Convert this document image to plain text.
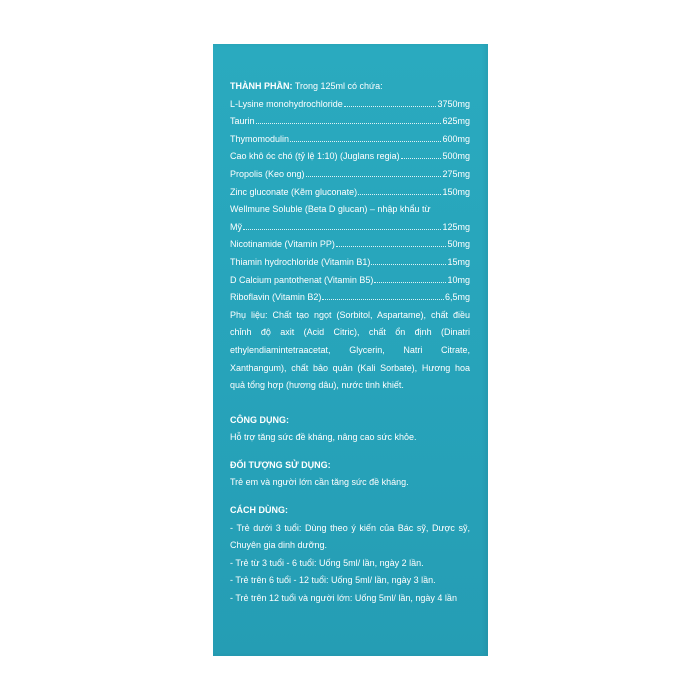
THÀNH PHẦN: Trong 125ml có chứa:
L-Lysine monohydrochloride	3750mg
Taurin	625mg
Thymomodulin	600mg
Cao khô óc chó (tỷ lệ 1:10) (Juglans regia)	500mg
Propolis (Keo ong)	275mg
Zinc gluconate (Kẽm gluconate)	150mg
Wellmune Soluble (Beta D glucan) – nhập khẩu từ
Mỹ	125mg
Nicotinamide (Vitamin PP)	50mg
Thiamin hydrochloride (Vitamin B1)	15mg
D Calcium pantothenat (Vitamin B5)	10mg
Riboflavin (Vitamin B2)	6,5mg
Phụ liệu: Chất tạo ngọt (Sorbitol, Aspartame), chất điều chỉnh độ axit (Acid Citric), chất ổn định (Dinatri ethylendiamintetraacetat, Glycerin, Natri Citrate, Xanthangum), chất bảo quản (Kali Sorbate), Hương hoa quả tổng hợp (hương dâu), nước tinh khiết.
CÔNG DỤNG:
Hỗ trợ tăng sức đề kháng, nâng cao sức khỏe.
ĐỐI TƯỢNG SỬ DỤNG:
Trẻ em và người lớn cần tăng sức đề kháng.
CÁCH DÙNG:
- Trẻ dưới 3 tuổi: Dùng theo ý kiến của Bác sỹ, Dược sỹ, Chuyên gia dinh dưỡng.
- Trẻ từ 3 tuổi - 6 tuổi: Uống 5ml/ lần, ngày 2 lần.
- Trẻ trên 6 tuổi - 12 tuổi: Uống 5ml/ lần, ngày 3 lần.
- Trẻ trên 12 tuổi và người lớn: Uống 5ml/ lần, ngày 4 lần
